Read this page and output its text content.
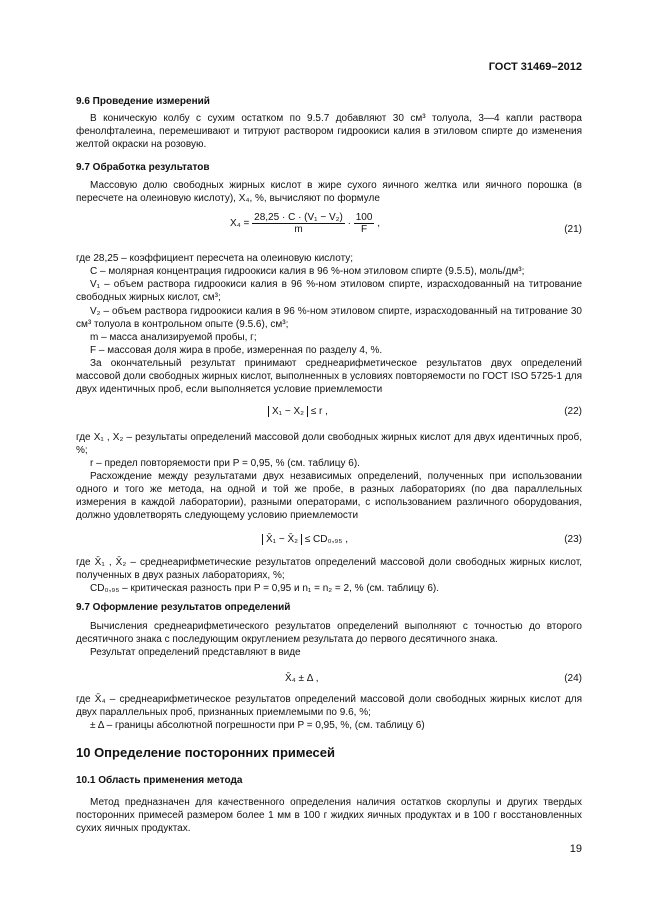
ГОСТ 31469–2012
9.6 Проведение измерений
В коническую колбу с сухим остатком по 9.5.7 добавляют 30 см³ толуола, 3—4 капли раствора фенолфталеина, перемешивают и титруют раствором гидроокиси калия в этиловом спирте до изменения желтой окраски на розовую.
9.7 Обработка результатов
Массовую долю свободных жирных кислот в жире сухого яичного желтка или яичного порошка (в пересчете на олеиновую кислоту), X₄, %, вычисляют по формуле
$X_4 = \frac{\text{28,25 · C · (V₁ − V₂)}}{m} \cdot \frac{100}{F}$ ,
(21)
где 28,25 – коэффициент пересчета на олеиновую кислоту;
C – молярная концентрация гидроокиси калия в 96 %-ном этиловом спирте (9.5.5), моль/дм³;
V₁ – объем раствора гидроокиси калия в 96 %-ном этиловом спирте, израсходованный на титрование свободных жирных кислот, см³;
V₂ – объем раствора гидроокиси калия в 96 %-ном этиловом спирте, израсходованный на титрование 30 см³ толуола в контрольном опыте (9.5.6), см³;
m – масса анализируемой пробы, г;
F – массовая доля жира в пробе, измеренная по разделу 4, %.
За окончательный результат принимают среднеарифметическое результатов двух определений массовой доли свободных жирных кислот, выполненных в условиях повторяемости по ГОСТ ISO 5725-1 для двух идентичных проб, если выполняется условие приемлемости
X₁ − X₂ ≤ r ,	(22)
где X₁ , X₂ – результаты определений массовой доли свободных жирных кислот для двух идентичных проб, %;
r – предел повторяемости при P = 0,95, % (см. таблицу 6).
Расхождение между результатами двух независимых определений, полученных при использовании одного и того же метода, на одной и той же пробе, в разных лабораториях (по два параллельных измерения в каждой лаборатории), разными операторами, с использованием различного оборудования, должно удовлетворять следующему условию приемлемости
X̄₁ − X̄₂ ≤ CD₀,₉₅ ,	(23)
где X̄₁ , X̄₂ – среднеарифметические результатов определений массовой доли свободных жирных кислот, полученных в двух разных лабораториях, %;
CD₀,₉₅ – критическая разность при P = 0,95 и n₁ = n₂ = 2, % (см. таблицу 6).
9.7 Оформление результатов определений
Вычисления среднеарифметического результатов определений выполняют с точностью до второго десятичного знака с последующим округлением результата до первого десятичного знака.
Результат определений представляют в виде
X̄₄ ± Δ ,	(24)
где X̄₄ – среднеарифметическое результатов определений массовой доли свободных жирных кислот для двух параллельных проб, признанных приемлемыми по 9.6, %;
± Δ – границы абсолютной погрешности при P = 0,95, %, (см. таблицу 6)
10 Определение посторонних примесей
10.1 Область применения метода
Метод предназначен для качественного определения наличия остатков скорлупы и других твердых посторонних примесей размером более 1 мм в 100 г жидких яичных продуктах и в 100 г восстановленных сухих яичных продуктах.
19
